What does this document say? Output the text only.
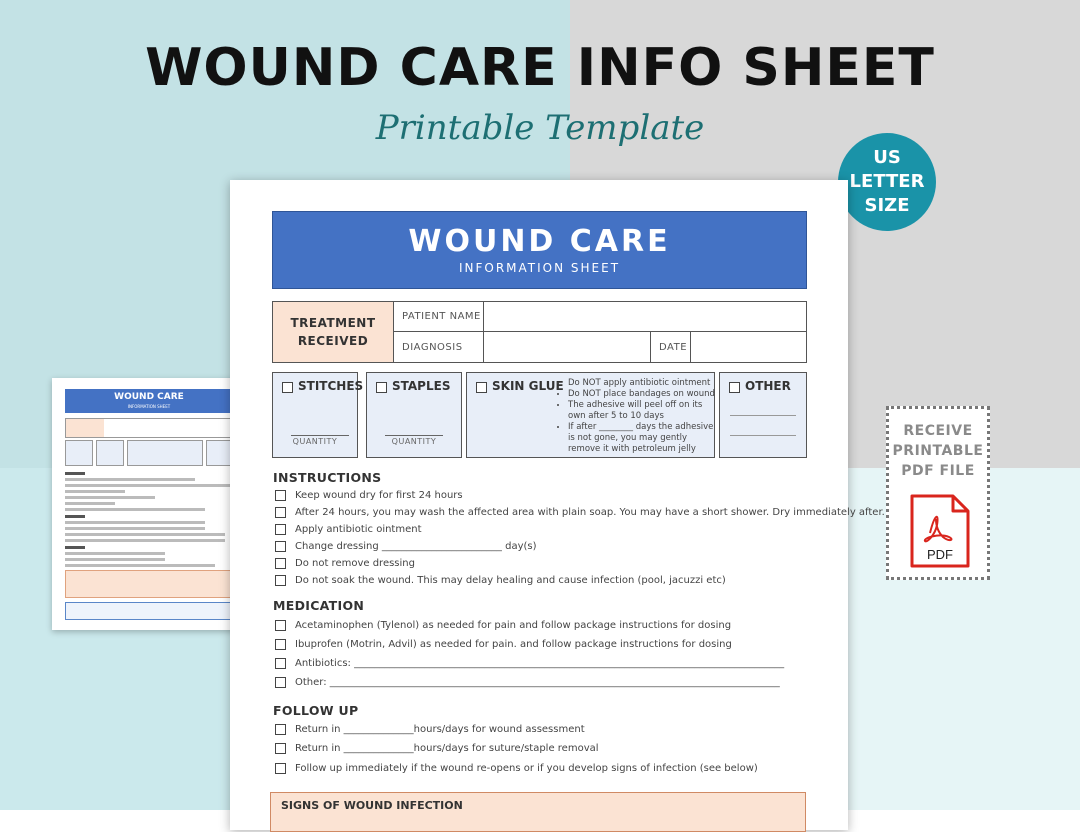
WOUND CARE INFO SHEET
Printable Template
US
LETTER
SIZE
RECEIVE
PRINTABLE
PDF FILE
PDF
WOUND CARE
INFORMATION SHEET
WOUND CARE
INFORMATION SHEET
TREATMENT
RECEIVED
PATIENT NAME
DIAGNOSIS	DATE
STITCHES
QUANTITY
STAPLES
QUANTITY
SKIN GLUE
• Do NOT apply antibiotic ointment
• Do NOT place bandages on wound
• The adhesive will peel off on its own after 5 to 10 days
• If after ________ days the adhesive is not gone, you may gently remove it with petroleum jelly
OTHER
INSTRUCTIONS
Keep wound dry for first 24 hours
After 24 hours, you may wash the affected area with plain soap. You may have a short shower. Dry immediately after.
Apply antibiotic ointment
Change dressing ________________________ day(s)
Do not remove dressing
Do not soak the wound. This may delay healing and cause infection (pool, jacuzzi etc)
MEDICATION
Acetaminophen (Tylenol) as needed for pain and follow package instructions for dosing
Ibuprofen (Motrin, Advil) as needed for pain. and follow package instructions for dosing
Antibiotics: ______________________________________________________________________________________
Other: __________________________________________________________________________________________
FOLLOW UP
Return in ______________hours/days for wound assessment
Return in ______________hours/days for suture/staple removal
Follow up immediately if the wound re-opens or if you develop signs of infection (see below)
SIGNS OF WOUND INFECTION
